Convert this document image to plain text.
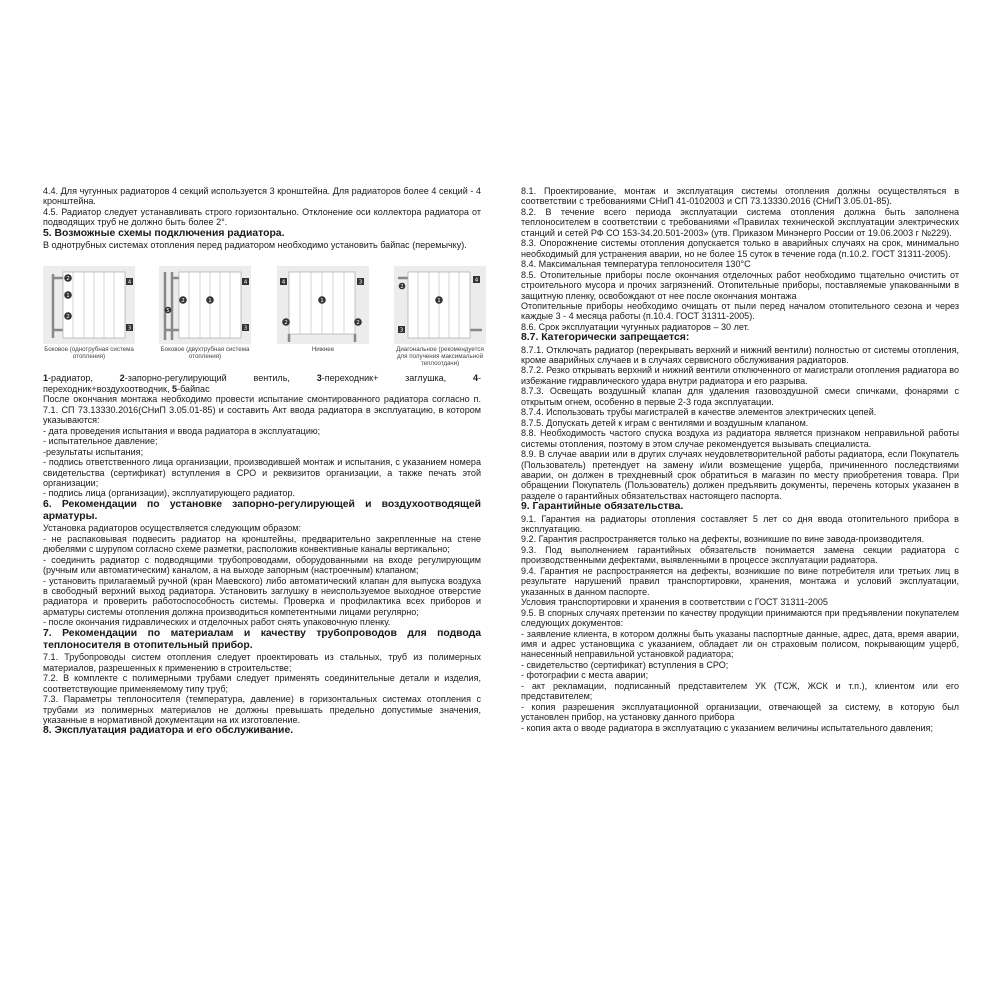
4.4. Для чугунных радиаторов 4 секций используется 3 кронштейна. Для радиаторов более 4 секций - 4 кронштейна.

4.5. Радиатор следует устанавливать строго горизонтально. Отклонение оси коллектора радиатора от подводящих труб не должно быть более 2°.

5. Возможные схемы подключения радиатора.

В однотрубных системах отопления перед радиатором необходимо установить байпас (перемычку).

2
2
1
4
3
Боковое (однотрубная система отопления)
2	1
4
3
5
Боковое (двухтрубная система отопления)
4	3
1
2	2
Нижнее
1
2
3
4
Диагональное (рекомендуется для получения максимальной теплоотдачи)

1-радиатор,	2-запорно-регулирующий вентиль,	3-переходник+ заглушка,	4-переходник+воздухоотводчик, 5-байпас

После окончания монтажа необходимо провести испытание смонтированного радиатора согласно п. 7.1. СП 73.13330.2016(СНиП 3.05.01-85) и составить Акт ввода радиатора в эксплуатацию, в котором указываются:

- дата проведения испытания и ввода радиатора в эксплуатацию;

- испытательное давление;

-результаты испытания;

- подпись ответственного лица организации, производившей монтаж и испытания, с указанием номера свидетельства (сертификат) вступления в СРО и реквизитов организации, а также печать этой организации;

- подпись лица (организации), эксплуатирующего радиатор.

6. Рекомендации по установке запорно-регулирующей и воздухоотводящей арматуры.

Установка радиаторов осуществляется следующим образом:

- не распаковывая подвесить радиатор на кронштейны, предварительно закрепленные на стене дюбелями с шурупом согласно схеме разметки, расположив конвективные каналы вертикально;

- соединить радиатор с подводящими трубопроводами, оборудованными на входе регулирующим (ручным или автоматическим) каналом, а на выходе запорным (настроечным) клапаном;

- установить прилагаемый ручной (кран Маевского) либо автоматический клапан для выпуска воздуха в свободный верхний выход радиатора. Установить заглушку в неиспользуемое выходное отверстие радиатора и проверить работоспособность системы. Проверка и профилактика всех приборов и арматуры системы отопления должна производиться компетентными лицами регулярно;

- после окончания гидравлических и отделочных работ снять упаковочную пленку.

7. Рекомендации по материалам и качеству трубопроводов для подвода теплоносителя в отопительный прибор.

7.1. Трубопроводы систем отопления следует проектировать из стальных, труб из полимерных материалов, разрешенных к применению в строительстве;

7.2. В комплекте с полимерными трубами следует применять соединительные детали и изделия, соответствующие применяемому типу труб;

7.3. Параметры теплоносителя (температура, давление) в горизонтальных системах отопления с трубами из полимерных материалов не должны превышать предельно допустимые значения, указанные в нормативной документации на их изготовление.

8. Эксплуатация радиатора и его обслуживание.

8.1. Проектирование, монтаж и эксплуатация системы отопления должны осуществляться в соответствии с требованиями СНиП 41-0102003 и СП 73.13330.2016 (СНиП 3.05.01-85).

8.2. В течение всего периода эксплуатации система отопления должна быть заполнена теплоносителем в соответствии с требованиями «Правилах технической эксплуатации электрических станций и сетей РФ СО 153-34.20.501-2003» (утв. Приказом Минэнерго России от 19.06.2003 г №229).

8.3. Опорожнение системы отопления допускается только в аварийных случаях на срок, минимально необходимый для устранения аварии, но не более 15 суток в течение года (п.10.2. ГОСТ 31311-2005).

8.4. Максимальная температура теплоносителя 130°C

8.5. Отопительные приборы после окончания отделочных работ необходимо тщательно очистить от строительного мусора и прочих загрязнений. Отопительные приборы, поставляемые упакованными в защитную пленку, освобождают от нее после окончания монтажа

Отопительные приборы необходимо очищать от пыли перед началом отопительного сезона и через каждые 3 - 4 месяца работы (п.10.4. ГОСТ 31311-2005).

8.6. Срок эксплуатации чугунных радиаторов – 30 лет.

8.7. Категорически запрещается:

8.7.1. Отключать радиатор (перекрывать верхний и нижний вентили) полностью от системы отопления, кроме аварийных случаев и в случаях сервисного обслуживания радиаторов.

8.7.2. Резко открывать верхний и нижний вентили отключенного от магистрали отопления радиатора во избежание гидравлического удара внутри радиатора и его разрыва.

8.7.3. Освещать воздушный клапан для удаления газовоздушной смеси спичками, фонарями с открытым огнем, особенно в первые 2-3 года эксплуатации.

8.7.4. Использовать трубы магистралей в качестве элементов электрических цепей.

8.7.5. Допускать детей к играм с вентилями и воздушным клапаном.

8.8. Необходимость частого спуска воздуха из радиатора является признаком неправильной работы системы отопления, поэтому в этом случае рекомендуется вызывать специалиста.

8.9. В случае аварии или в других случаях неудовлетворительной работы радиатора, если Покупатель (Пользователь) претендует на замену и/или возмещение ущерба, причиненного последствиями аварии, он должен в трехдневный срок обратиться в магазин по месту приобретения товара. При обращении Покупатель (Пользователь) должен предъявить документы, перечень которых указанен в разделе о гарантийных обязательствах настоящего паспорта.

9. Гарантийные обязательства.

9.1. Гарантия на радиаторы отопления составляет 5 лет со дня ввода отопительного прибора в эксплуатацию.

9.2. Гарантия распространяется только на дефекты, возникшие по вине завода-производителя.

9.3. Под выполнением гарантийных обязательств понимается замена секции радиатора с производственными дефектами, выявленными в процессе эксплуатации радиатора.

9.4. Гарантия не распространяется на дефекты, возникшие по вине потребителя или третьих лиц в результате нарушений правил транспортировки, хранения, монтажа и условий эксплуатации, указанных в данном паспорте.

Условия транспортировки и хранения в соответствии с ГОСТ 31311-2005

9.5. В спорных случаях претензии по качеству продукции принимаются при предъявлении покупателем следующих документов:

- заявление клиента, в котором должны быть указаны паспортные данные, адрес, дата, время аварии, имя и адрес установщика с указанием, обладает ли он страховым полисом, покрывающим ущерб, нанесенный неправильной установкой радиатора;

- свидетельство (сертификат) вступления в СРО;

- фотографии с места аварии;

- акт рекламации, подписанный представителем УК (ТСЖ, ЖСК и т.п.), клиентом или его представителем;

- копия разрешения эксплуатационной организации, отвечающей за систему, в которую был установлен прибор, на установку данного прибора

- копия акта о вводе радиатора в эксплуатацию с указанием величины испытательного давления;
